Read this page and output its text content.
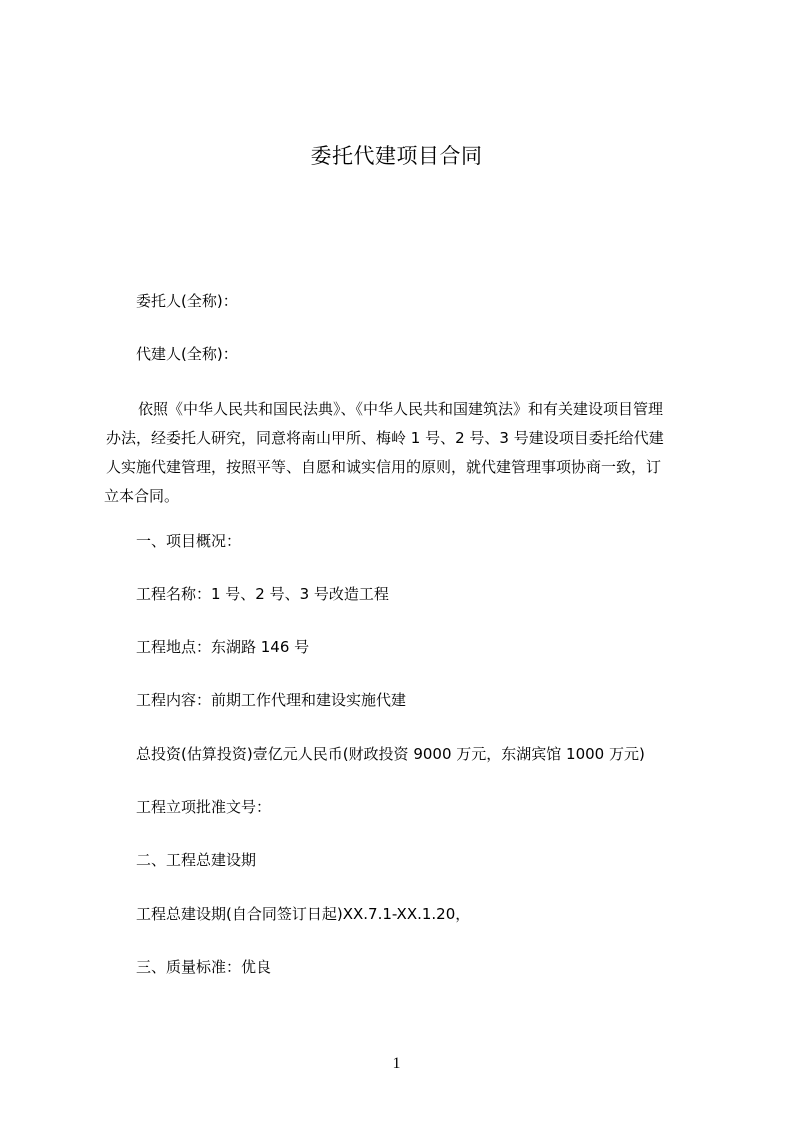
委托代建项目合同
委托人(全称)：
代建人(全称)：
依照《中华人民共和国民法典》、《中华人民共和国建筑法》和有关建设项目管理
办法，经委托人研究，同意将南山甲所、梅岭 1 号、2 号、3 号建设项目委托给代建
人实施代建管理，按照平等、自愿和诚实信用的原则，就代建管理事项协商一致，订
立本合同。
一、项目概况：
工程名称：1 号、2 号、3 号改造工程
工程地点：东湖路 146 号
工程内容：前期工作代理和建设实施代建
总投资(估算投资)壹亿元人民币(财政投资 9000 万元，东湖宾馆 1000 万元)
工程立项批准文号：
二、工程总建设期
工程总建设期(自合同签订日起)XX.7.1-XX.1.20，
三、质量标准：优良
1
